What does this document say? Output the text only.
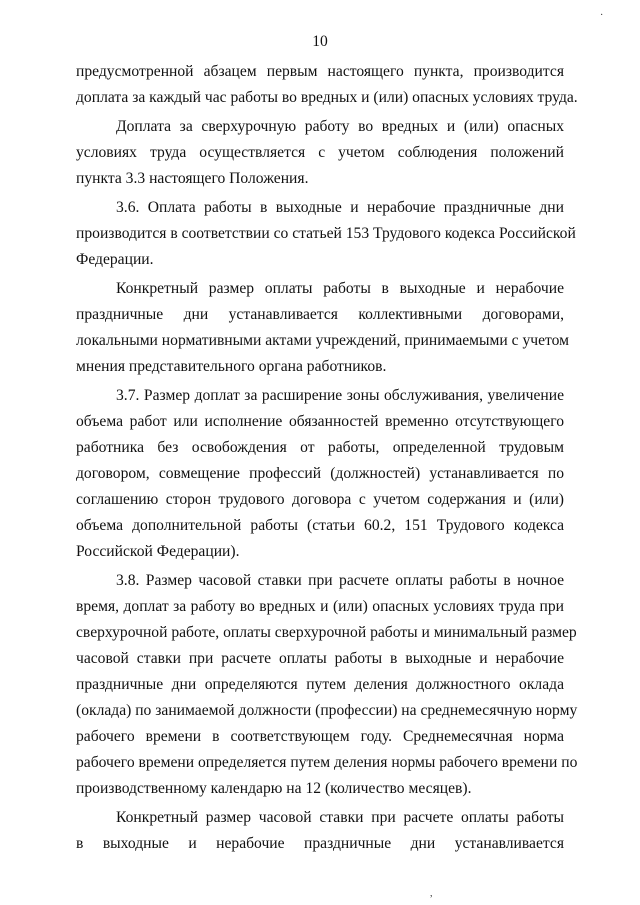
10
предусмотренной абзацем первым настоящего пункта, производится
доплата за каждый час работы во вредных и (или) опасных условиях труда.
Доплата за сверхурочную работу во вредных и (или) опасных
условиях труда осуществляется с учетом соблюдения положений
пункта 3.3 настоящего Положения.
3.6. Оплата работы в выходные и нерабочие праздничные дни
производится в соответствии со статьей 153 Трудового кодекса Российской
Федерации.
Конкретный размер оплаты работы в выходные и нерабочие
праздничные дни устанавливается коллективными договорами,
локальными нормативными актами учреждений, принимаемыми с учетом
мнения представительного органа работников.
3.7. Размер доплат за расширение зоны обслуживания, увеличение
объема работ или исполнение обязанностей временно отсутствующего
работника без освобождения от работы, определенной трудовым
договором, совмещение профессий (должностей) устанавливается по
соглашению сторон трудового договора с учетом содержания и (или)
объема дополнительной работы (статьи 60.2, 151 Трудового кодекса
Российской Федерации).
3.8. Размер часовой ставки при расчете оплаты работы в ночное
время, доплат за работу во вредных и (или) опасных условиях труда при
сверхурочной работе, оплаты сверхурочной работы и минимальный размер
часовой ставки при расчете оплаты работы в выходные и нерабочие
праздничные дни определяются путем деления должностного оклада
(оклада) по занимаемой должности (профессии) на среднемесячную норму
рабочего времени в соответствующем году. Среднемесячная норма
рабочего времени определяется путем деления нормы рабочего времени по
производственному календарю на 12 (количество месяцев).
Конкретный размер часовой ставки при расчете оплаты работы
в выходные и нерабочие праздничные дни устанавливается
·
,
